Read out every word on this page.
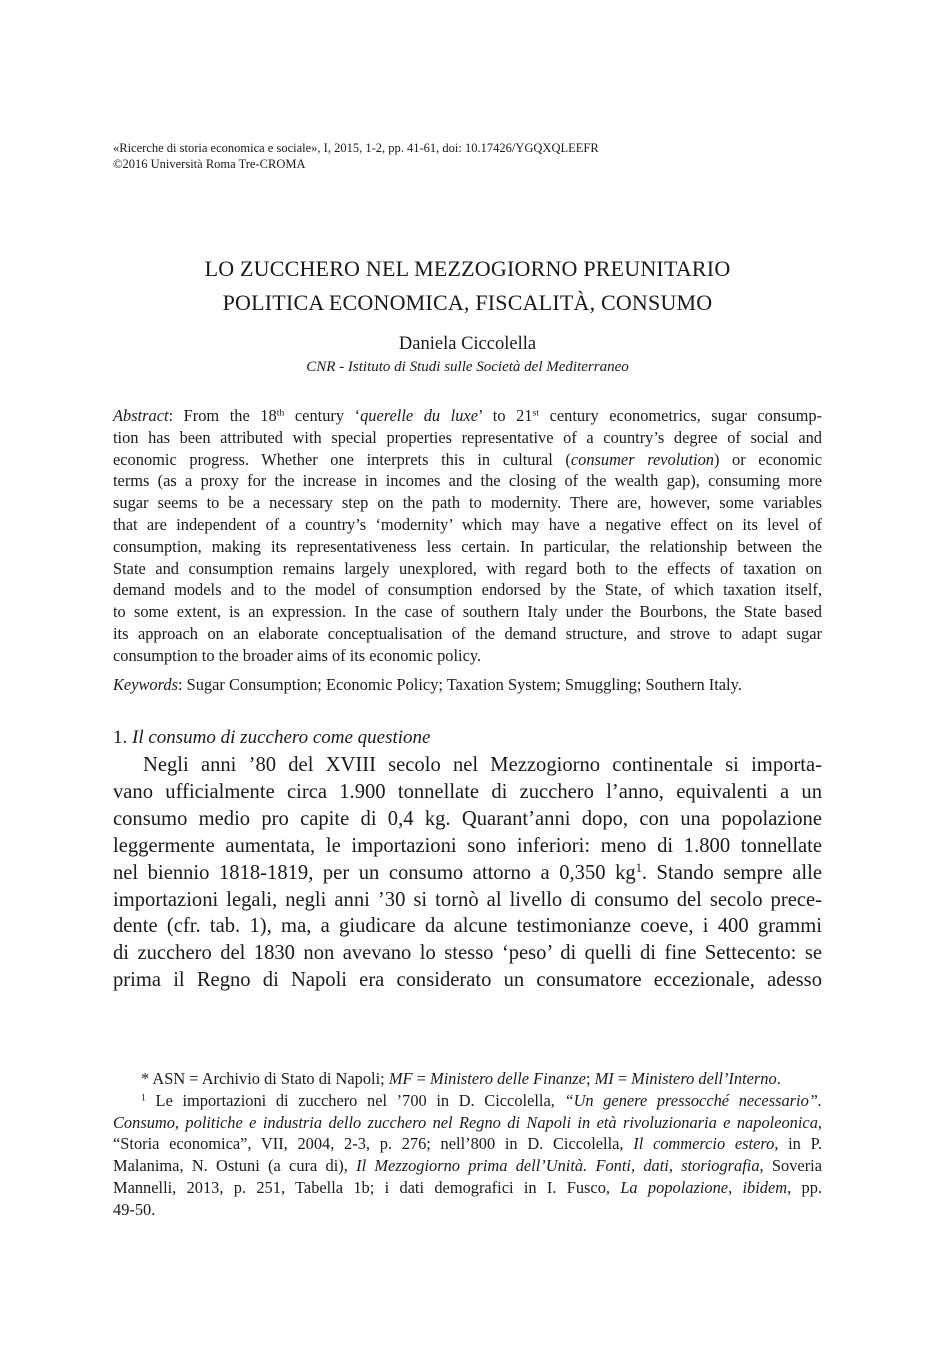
«Ricerche di storia economica e sociale», I, 2015, 1-2, pp. 41-61, doi: 10.17426/YGQXQLEEFR
©2016 Università Roma Tre-CROMA
LO ZUCCHERO NEL MEZZOGIORNO PREUNITARIO
POLITICA ECONOMICA, FISCALITÀ, CONSUMO
Daniela Ciccolella
CNR - Istituto di Studi sulle Società del Mediterraneo
Abstract: From the 18th century ‘querelle du luxe’ to 21st century econometrics, sugar consump-
tion has been attributed with special properties representative of a country’s degree of social and
economic progress. Whether one interprets this in cultural (consumer revolution) or economic
terms (as a proxy for the increase in incomes and the closing of the wealth gap), consuming more
sugar seems to be a necessary step on the path to modernity. There are, however, some variables
that are independent of a country’s ‘modernity’ which may have a negative effect on its level of
consumption, making its representativeness less certain. In particular, the relationship between the
State and consumption remains largely unexplored, with regard both to the effects of taxation on
demand models and to the model of consumption endorsed by the State, of which taxation itself,
to some extent, is an expression. In the case of southern Italy under the Bourbons, the State based
its approach on an elaborate conceptualisation of the demand structure, and strove to adapt sugar
consumption to the broader aims of its economic policy.
Keywords: Sugar Consumption; Economic Policy; Taxation System; Smuggling; Southern Italy.
1. Il consumo di zucchero come questione
Negli anni ’80 del XVIII secolo nel Mezzogiorno continentale si importa-
vano ufficialmente circa 1.900 tonnellate di zucchero l’anno, equivalenti a un
consumo medio pro capite di 0,4 kg. Quarant’anni dopo, con una popolazione
leggermente aumentata, le importazioni sono inferiori: meno di 1.800 tonnellate
nel biennio 1818-1819, per un consumo attorno a 0,350 $kg^1$. Stando sempre alle
importazioni legali, negli anni ’30 si tornò al livello di consumo del secolo prece-
dente (cfr. tab. 1), ma, a giudicare da alcune testimonianze coeve, i 400 grammi
di zucchero del 1830 non avevano lo stesso ‘peso’ di quelli di fine Settecento: se
prima il Regno di Napoli era considerato un consumatore eccezionale, adesso
* ASN = Archivio di Stato di Napoli; MF = Ministero delle Finanze; MI = Ministero dell’Interno.
$^1$ Le importazioni di zucchero nel ’700 in D. Ciccolella, “Un genere pressocché necessario”.
Consumo, politiche e industria dello zucchero nel Regno di Napoli in età rivoluzionaria e napoleonica,
“Storia economica”, VII, 2004, 2-3, p. 276; nell’800 in D. Ciccolella, Il commercio estero, in P.
Malanima, N. Ostuni (a cura di), Il Mezzogiorno prima dell’Unità. Fonti, dati, storiografia, Soveria
Mannelli, 2013, p. 251, Tabella 1b; i dati demografici in I. Fusco, La popolazione, ibidem, pp.
49-50.
